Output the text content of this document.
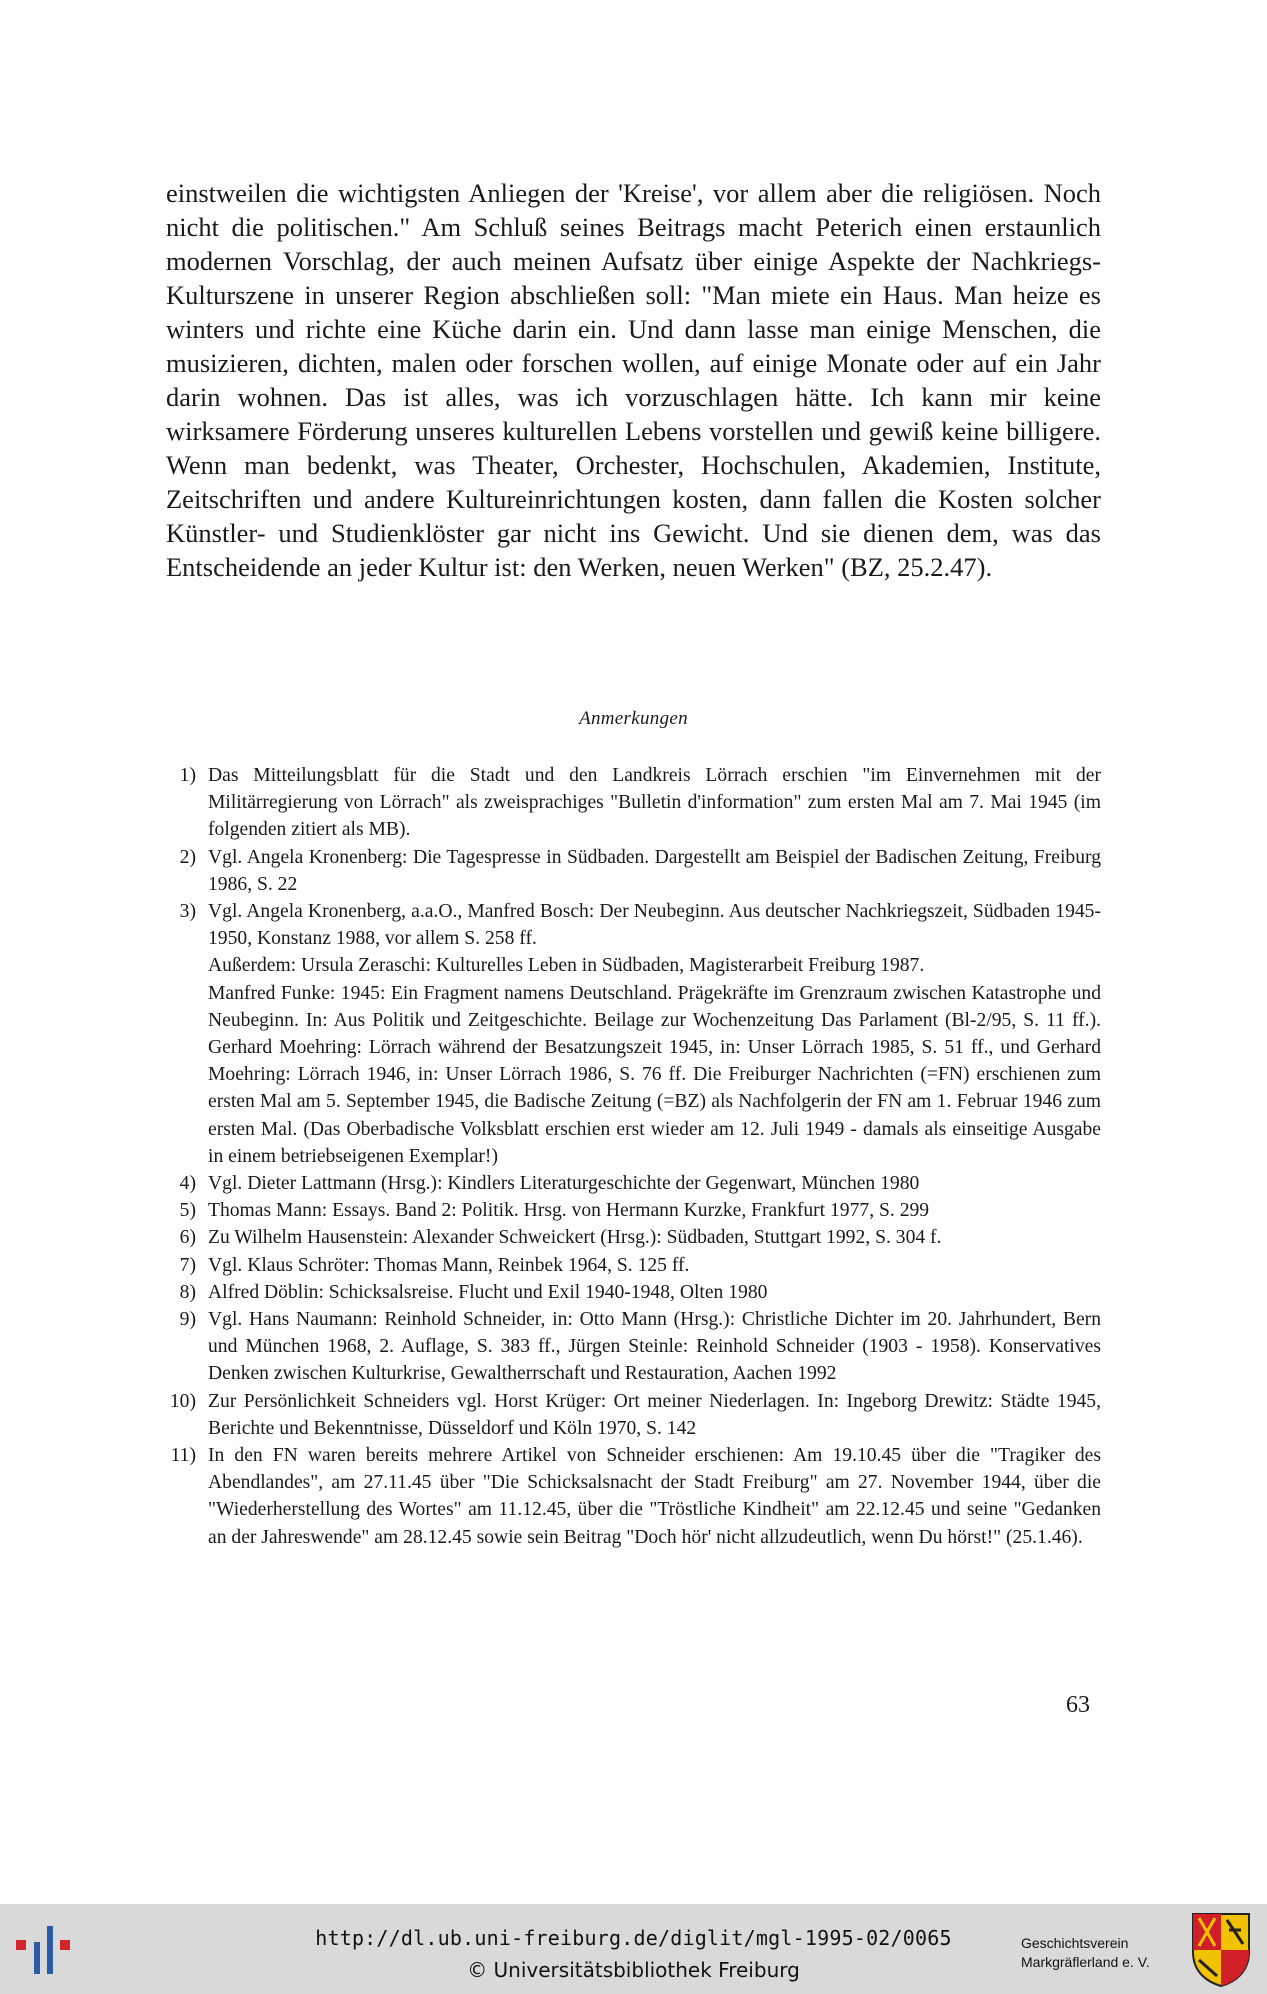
einstweilen die wichtigsten Anliegen der 'Kreise', vor allem aber die religiösen. Noch nicht die politischen." Am Schluß seines Beitrags macht Peterich einen erstaunlich modernen Vorschlag, der auch meinen Aufsatz über einige Aspekte der Nachkriegs-Kulturszene in unserer Region abschließen soll: "Man miete ein Haus. Man heize es winters und richte eine Küche darin ein. Und dann lasse man einige Menschen, die musizieren, dichten, malen oder forschen wollen, auf einige Monate oder auf ein Jahr darin wohnen. Das ist alles, was ich vorzuschlagen hätte. Ich kann mir keine wirksamere Förderung unseres kulturellen Lebens vorstellen und gewiß keine billigere. Wenn man bedenkt, was Theater, Orchester, Hochschulen, Akademien, Institute, Zeitschriften und andere Kultureinrichtungen kosten, dann fallen die Kosten solcher Künstler- und Studienklöster gar nicht ins Gewicht. Und sie dienen dem, was das Entscheidende an jeder Kultur ist: den Werken, neuen Werken" (BZ, 25.2.47).

Anmerkungen

1) Das Mitteilungsblatt für die Stadt und den Landkreis Lörrach erschien "im Einvernehmen mit der Militärregierung von Lörrach" als zweisprachiges "Bulletin d'information" zum ersten Mal am 7. Mai 1945 (im folgenden zitiert als MB).
2) Vgl. Angela Kronenberg: Die Tagespresse in Südbaden. Dargestellt am Beispiel der Badischen Zeitung, Freiburg 1986, S. 22
3) Vgl. Angela Kronenberg, a.a.O., Manfred Bosch: Der Neubeginn. Aus deutscher Nachkriegszeit, Südbaden 1945-1950, Konstanz 1988, vor allem S. 258 ff.
Außerdem: Ursula Zeraschi: Kulturelles Leben in Südbaden, Magisterarbeit Freiburg 1987.
Manfred Funke: 1945: Ein Fragment namens Deutschland. Prägekräfte im Grenzraum zwischen Katastrophe und Neubeginn. In: Aus Politik und Zeitgeschichte. Beilage zur Wochenzeitung Das Parlament (Bl-2/95, S. 11 ff.). Gerhard Moehring: Lörrach während der Besatzungszeit 1945, in: Unser Lörrach 1985, S. 51 ff., und Gerhard Moehring: Lörrach 1946, in: Unser Lörrach 1986, S. 76 ff. Die Freiburger Nachrichten (=FN) erschienen zum ersten Mal am 5. September 1945, die Badische Zeitung (=BZ) als Nachfolgerin der FN am 1. Februar 1946 zum ersten Mal. (Das Oberbadische Volksblatt erschien erst wieder am 12. Juli 1949 - damals als einseitige Ausgabe in einem betriebseigenen Exemplar!)
4) Vgl. Dieter Lattmann (Hrsg.): Kindlers Literaturgeschichte der Gegenwart, München 1980
5) Thomas Mann: Essays. Band 2: Politik. Hrsg. von Hermann Kurzke, Frankfurt 1977, S. 299
6) Zu Wilhelm Hausenstein: Alexander Schweickert (Hrsg.): Südbaden, Stuttgart 1992, S. 304 f.
7) Vgl. Klaus Schröter: Thomas Mann, Reinbek 1964, S. 125 ff.
8) Alfred Döblin: Schicksalsreise. Flucht und Exil 1940-1948, Olten 1980
9) Vgl. Hans Naumann: Reinhold Schneider, in: Otto Mann (Hrsg.): Christliche Dichter im 20. Jahrhundert, Bern und München 1968, 2. Auflage, S. 383 ff., Jürgen Steinle: Reinhold Schneider (1903 - 1958). Konservatives Denken zwischen Kulturkrise, Gewaltherrschaft und Restauration, Aachen 1992
10) Zur Persönlichkeit Schneiders vgl. Horst Krüger: Ort meiner Niederlagen. In: Ingeborg Drewitz: Städte 1945, Berichte und Bekenntnisse, Düsseldorf und Köln 1970, S. 142
11) In den FN waren bereits mehrere Artikel von Schneider erschienen: Am 19.10.45 über die "Tragiker des Abendlandes", am 27.11.45 über "Die Schicksalsnacht der Stadt Freiburg" am 27. November 1944, über die "Wiederherstellung des Wortes" am 11.12.45, über die "Tröstliche Kindheit" am 22.12.45 und seine "Gedanken an der Jahreswende" am 28.12.45 sowie sein Beitrag "Doch hör' nicht allzudeutlich, wenn Du hörst!" (25.1.46).
63
http://dl.ub.uni-freiburg.de/diglit/mgl-1995-02/0065
© Universitätsbibliothek Freiburg
Geschichtsverein
Markgräflerland e. V.
